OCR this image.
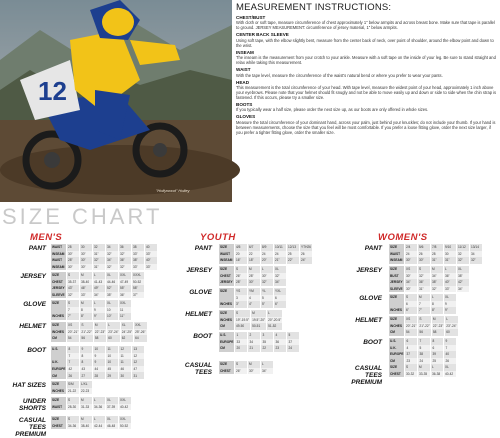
12
"Hollywood" Holley
MEASUREMENT INSTRUCTIONS:
CHEST/BUST
With cloth or soft tape, measure circumference of chest approximately 1" below armpits and across breast bone. Make sure that tape is parallel to ground. JERSEY MEASUREMENT: circumference of jersey material, 1" below armpits.
CENTER BACK SLEEVE
Using soft tape, with the elbow slightly bent, measure from the center back of neck, over point of shoulder, around the elbow point and down to the wrist.
INSEAM
The inseam is the measurement from your crotch to your ankle. Measure with a soft tape on the inside of your leg. Be sure to stand straight and relax while taking this measurement.
WAIST
With the tape level, measure the circumference of the waist's natural bend or where you prefer to wear your pants.
HEAD
This measurement is the total circumference of your head. With tape level, measure the widest point of your head, approximately 1 inch above your eyebrows. Please note that your helmet should fit snugly and not be able to move easily up and down or side to side when the chin strap is fastened. If this occurs, please try a smaller size.
BOOTS
If you typically wear a half size, please order the next size up, as our boots are only offered in whole sizes.
GLOVES
Measure the total circumference of your dominant hand, across your palm, just behind your knuckles; do not include your thumb. If your hand is between measurements, choose the size that you feel will be most comfortable. If you prefer a loose fitting glove, order the next size larger, if you prefer a tighter fitting glove, order the smaller size.
SIZE CHART
MEN'S
PANT WAIST	28	30	32	34	36	38	40
INSEAM	30"	30"	31"	32"	32"	33"	33"
WAIST	28"	30"	32"	34"	36"	38"	40"
INSEAM	30"	30"	31"	32"	32"	33"	33"
JERSEY SIZE	S	M	L	XL	XXL	XXXL
CHEST	35-37	38-40	41-43	44-46	47-49	50-52
JERSEY	43"	46"	49"	52"	55"	58"
SLEEVE	32"	33"	34"	35"	36"	37"
GLOVE SIZE	S	M	L	XL	XXL
	7	8	9	10	11
INCHES	7"	8"	9"	10"	11"
HELMET SIZE	XS	S	M	L	XL	XXL
INCHES	20"-21"	21"-22"	22"-23"	23"-24"	24"-25"	25"-26"
CM	54	56	58	60	62	64
BOOT U.S.	8	9	10	11	12	13
	7	8	9	10	11	12
U.K.	7	8	9	10	11	12
EUROPE	42	43	44	45	46	47
CM	26	27	28	29	30	31
HAT SIZES SIZE	S/M	L/XL
INCHES	21-22	22-23
UNDER SHORTS
SIZE	S	M	L	XL	XXL
WAIST	28-30	31-33	34-36	37-39	40-42
CASUAL TEES PREMIUM
SIZE	S	M	L	XL	XXL
CHEST	34-36	38-40	42-44	46-48	50-52
YOUTH
PANT	SIZE	4/5	6/7	8/9	10/11	12/13	YTH26
WAIST	20	22	24	24	25	26
INSEAM	16"	18"	20"	21"	22"	24"
JERSEY	SIZE	S	M	L	XL
CHEST	26"	28"	30"	32"
JERSEY	28"	30"	32"	34"
GLOVE	SIZE	YS	YM	YL	YXL
	3	4	5	6
INCHES	3"	4"	5"	6"
HELMET	SIZE	S	M	L
INCHES	19"-19.5"	19.5"-20"	20"-20.5"
CM	49-50	50-51	51-52
BOOT	U.S.	1	2	3	4	5
EUROPE	33	34	35	36	37
CM	20	21	22	23	24
CASUAL TEES
SIZE	S	M	L
CHEST	26"	30"	34"
WOMEN'S
PANT	SIZE	2/4	5/6	7/8	9/10	11/12	13/14
WAIST	24	26	28	30	32	34
INSEAM	30"	30"	31"	31"	32"	32"
JERSEY	SIZE	XS	S	M	L	XL
BUST	30"	32"	34"	36"	38"
JERSEY	34"	36"	38"	40"	42"
SLEEVE	30"	31"	32"	33"	34"
GLOVE	SIZE	S	M	L	XL
	6	7	8	9
INCHES	6"	7"	8"	9"
HELMET	SIZE	XS	S	M	L
INCHES	20"-21"	21"-22"	22"-23"	23"-24"
CM	54	56	58	60
BOOT	U.S.	6	7	8	9
U.K.	4	5	6	7
EUROPE	37	38	39	40
CM	23	24	25	26
CASUAL TEES PREMIUM
SIZE	S	M	L	XL
CHEST	30-32	33-35	36-38	40-42
